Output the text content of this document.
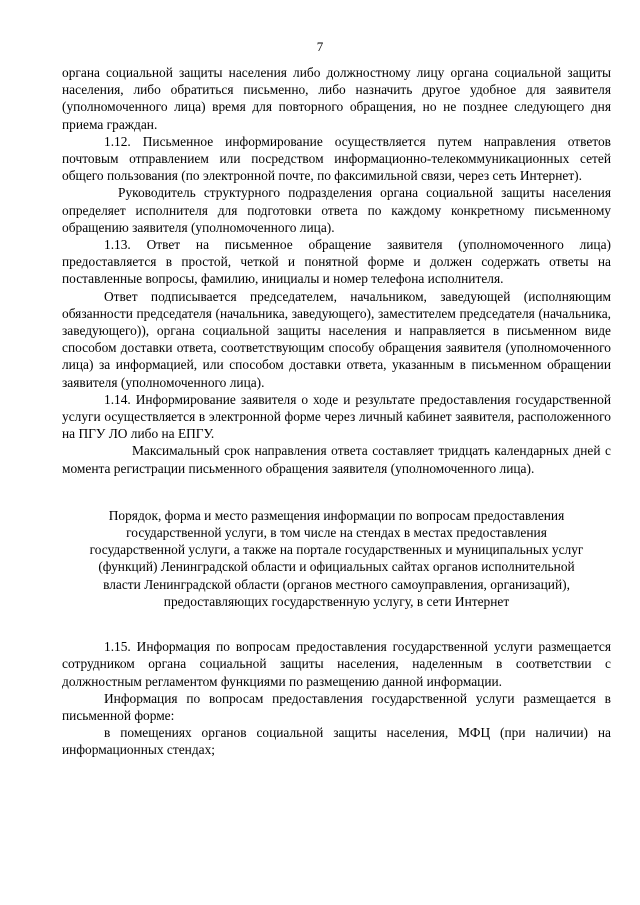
7

органа социальной защиты населения либо должностному лицу органа социальной защиты населения, либо обратиться письменно, либо назначить другое удобное для заявителя (уполномоченного лица) время для повторного обращения, но не позднее следующего дня приема граждан.

1.12. Письменное информирование осуществляется путем направления ответов почтовым отправлением или посредством информационно-телекоммуникационных сетей общего пользования (по электронной почте, по факсимильной связи, через сеть Интернет).

Руководитель структурного подразделения органа социальной защиты населения определяет исполнителя для подготовки ответа по каждому конкретному письменному обращению заявителя (уполномоченного лица).

1.13. Ответ на письменное обращение заявителя (уполномоченного лица) предоставляется в простой, четкой и понятной форме и должен содержать ответы на поставленные вопросы, фамилию, инициалы и номер телефона исполнителя.

Ответ подписывается председателем, начальником, заведующей (исполняющим обязанности председателя (начальника, заведующего), заместителем председателя (начальника, заведующего)), органа социальной защиты населения и направляется в письменном виде способом доставки ответа, соответствующим способу обращения заявителя (уполномоченного лица) за информацией, или способом доставки ответа, указанным в письменном обращении заявителя (уполномоченного лица).

1.14. Информирование заявителя о ходе и результате предоставления государственной услуги осуществляется в электронной форме через личный кабинет заявителя, расположенного на ПГУ ЛО либо на ЕПГУ.

Максимальный срок направления ответа составляет тридцать календарных дней с момента регистрации письменного обращения заявителя (уполномоченного лица).

Порядок, форма и место размещения информации по вопросам предоставления государственной услуги, в том числе на стендах в местах предоставления государственной услуги, а также на портале государственных и муниципальных услуг (функций) Ленинградской области и официальных сайтах органов исполнительной власти Ленинградской области (органов местного самоуправления, организаций), предоставляющих государственную услугу, в сети Интернет

1.15. Информация по вопросам предоставления государственной услуги размещается сотрудником органа социальной защиты населения, наделенным в соответствии с должностным регламентом функциями по размещению данной информации.

Информация по вопросам предоставления государственной услуги размещается в письменной форме:

в помещениях органов социальной защиты населения, МФЦ (при наличии) на информационных стендах;
